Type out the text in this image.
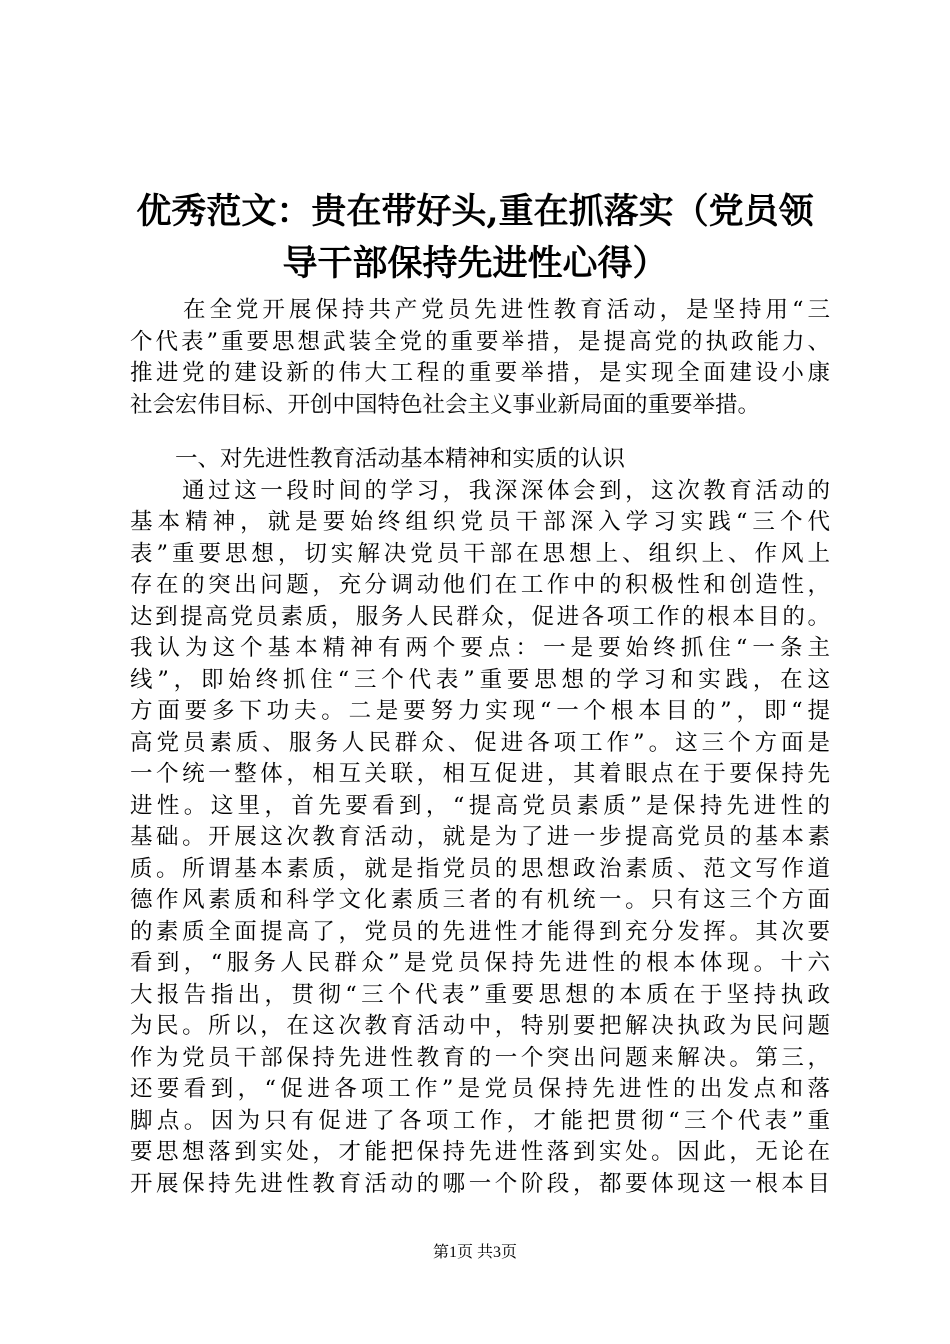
优秀范文：贵在带好头,重在抓落实（党员领
导干部保持先进性心得）
　　在全党开展保持共产党员先进性教育活动，是坚持用“三
个代表”重要思想武装全党的重要举措，是提高党的执政能力、
推进党的建设新的伟大工程的重要举措，是实现全面建设小康
社会宏伟目标、开创中国特色社会主义事业新局面的重要举措。
　　一、对先进性教育活动基本精神和实质的认识
　　通过这一段时间的学习，我深深体会到，这次教育活动的
基本精神，就是要始终组织党员干部深入学习实践“三个代
表”重要思想，切实解决党员干部在思想上、组织上、作风上
存在的突出问题，充分调动他们在工作中的积极性和创造性，
达到提高党员素质，服务人民群众，促进各项工作的根本目的。
我认为这个基本精神有两个要点：一是要始终抓住“一条主
线”，即始终抓住“三个代表”重要思想的学习和实践，在这
方面要多下功夫。二是要努力实现“一个根本目的”，即“提
高党员素质、服务人民群众、促进各项工作”。这三个方面是
一个统一整体，相互关联，相互促进，其着眼点在于要保持先
进性。这里，首先要看到，“提高党员素质”是保持先进性的
基础。开展这次教育活动，就是为了进一步提高党员的基本素
质。所谓基本素质，就是指党员的思想政治素质、范文写作道
德作风素质和科学文化素质三者的有机统一。只有这三个方面
的素质全面提高了，党员的先进性才能得到充分发挥。其次要
看到，“服务人民群众”是党员保持先进性的根本体现。十六
大报告指出，贯彻“三个代表”重要思想的本质在于坚持执政
为民。所以，在这次教育活动中，特别要把解决执政为民问题
作为党员干部保持先进性教育的一个突出问题来解决。第三，
还要看到，“促进各项工作”是党员保持先进性的出发点和落
脚点。因为只有促进了各项工作，才能把贯彻“三个代表”重
要思想落到实处，才能把保持先进性落到实处。因此，无论在
开展保持先进性教育活动的哪一个阶段，都要体现这一根本目
第1页 共3页
